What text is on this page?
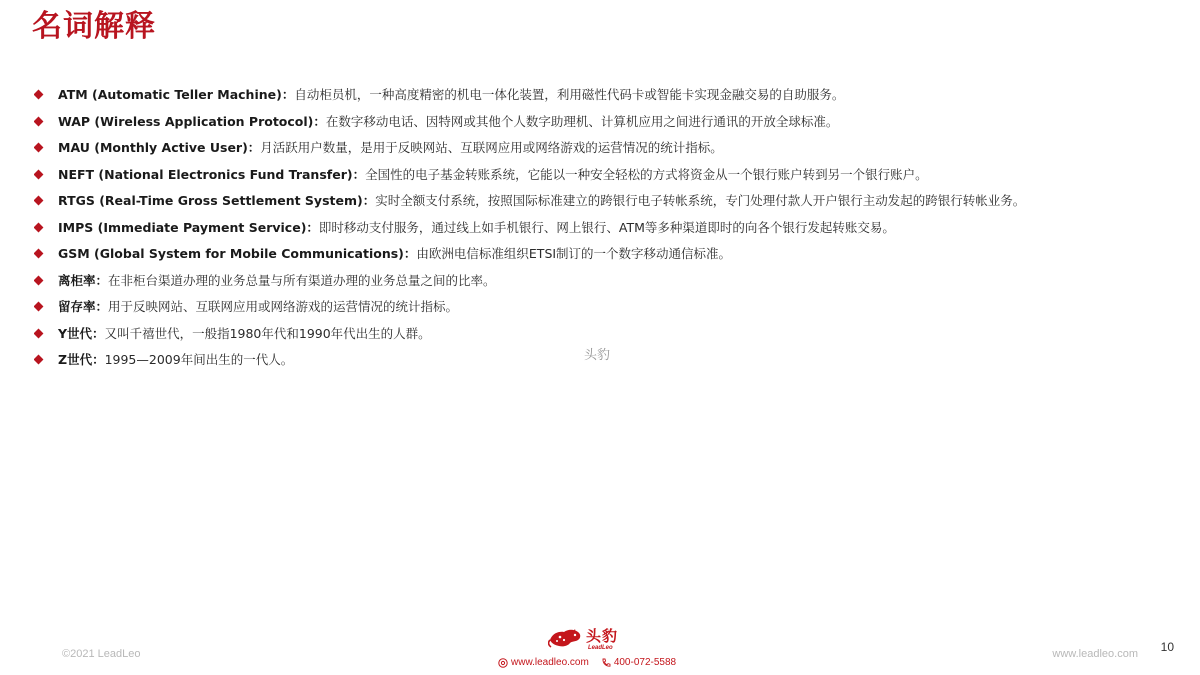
名词解释
ATM (Automatic Teller Machine)：自动柜员机，一种高度精密的机电一体化装置，利用磁性代码卡或智能卡实现金融交易的自助服务。
WAP (Wireless Application Protocol)：在数字移动电话、因特网或其他个人数字助理机、计算机应用之间进行通讯的开放全球标准。
MAU (Monthly Active User)：月活跃用户数量，是用于反映网站、互联网应用或网络游戏的运营情况的统计指标。
NEFT (National Electronics Fund Transfer)：全国性的电子基金转账系统，它能以一种安全轻松的方式将资金从一个银行账户转到另一个银行账户。
RTGS (Real-Time Gross Settlement System)：实时全额支付系统，按照国际标准建立的跨银行电子转帐系统，专门处理付款人开户银行主动发起的跨银行转帐业务。
IMPS (Immediate Payment Service)：即时移动支付服务，通过线上如手机银行、网上银行、ATM等多种渠道即时的向各个银行发起转账交易。
GSM (Global System for Mobile Communications)：由欧洲电信标准组织ETSI制订的一个数字移动通信标准。
离柜率：在非柜台渠道办理的业务总量与所有渠道办理的业务总量之间的比率。
留存率：用于反映网站、互联网应用或网络游戏的运营情况的统计指标。
Y世代：又叫千禧世代，一般指1980年代和1990年代出生的人群。
Z世代：1995—2009年间出生的一代人。	头豹
©2021 LeadLeo
头豹
LeadLeo
www.leadleo.com	400-072-5588
www.leadleo.com 10
